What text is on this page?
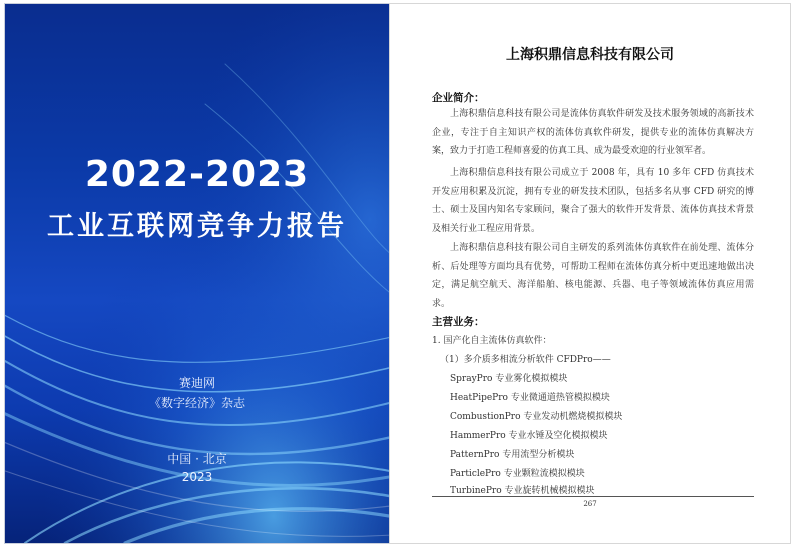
2022-2023
工业互联网竞争力报告
赛迪网
《数字经济》杂志
中国 · 北京
2023
上海积鼎信息科技有限公司
企业简介：
上海积鼎信息科技有限公司是流体仿真软件研发及技术服务领域的高新技术企业，专注于自主知识产权的流体仿真软件研发，提供专业的流体仿真解决方案，致力于打造工程师喜爱的仿真工具、成为最受欢迎的行业领军者。
上海积鼎信息科技有限公司成立于 2008 年，具有 10 多年 CFD 仿真技术开发应用积累及沉淀，拥有专业的研发技术团队，包括多名从事 CFD 研究的博士、硕士及国内知名专家顾问，聚合了强大的软件开发背景、流体仿真技术背景及相关行业工程应用背景。
上海积鼎信息科技有限公司自主研发的系列流体仿真软件在前处理、流体分析、后处理等方面均具有优势，可帮助工程师在流体仿真分析中更迅速地做出决定，满足航空航天、海洋船舶、核电能源、兵器、电子等领域流体仿真应用需求。
主营业务：
1. 国产化自主流体仿真软件：
（1）多介质多相流分析软件 CFDPro——
SprayPro 专业雾化模拟模块
HeatPipePro 专业微通道热管模拟模块
CombustionPro 专业发动机燃烧模拟模块
HammerPro 专业水锤及空化模拟模块
PatternPro 专用流型分析模块
ParticlePro 专业颗粒流模拟模块
TurbinePro 专业旋转机械模拟模块
267
